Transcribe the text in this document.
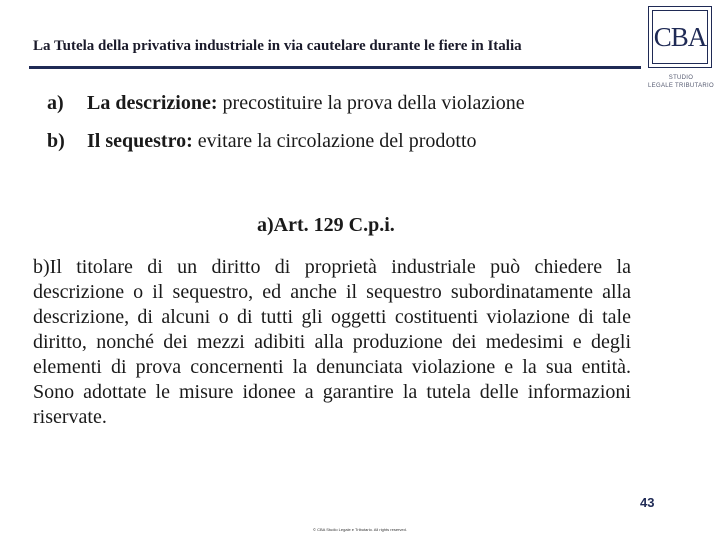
La Tutela della privativa industriale in via cautelare durante le fiere in Italia	CBA
STUDIO
LEGALE TRIBUTARIO
a) La descrizione: precostituire la prova della violazione
b) Il sequestro: evitare la circolazione del prodotto
a)Art. 129 C.p.i.
b)Il titolare di un diritto di proprietà industriale può chiedere la descrizione o il sequestro, ed anche il sequestro subordinatamente alla descrizione, di alcuni o di tutti gli oggetti costituenti violazione di tale diritto, nonché dei mezzi adibiti alla produzione dei medesimi e degli elementi di prova concernenti la denunciata violazione e la sua entità. Sono adottate le misure idonee a garantire la tutela delle informazioni riservate.
43
© CBA Studio Legale e Tributario. All rights reserved.
